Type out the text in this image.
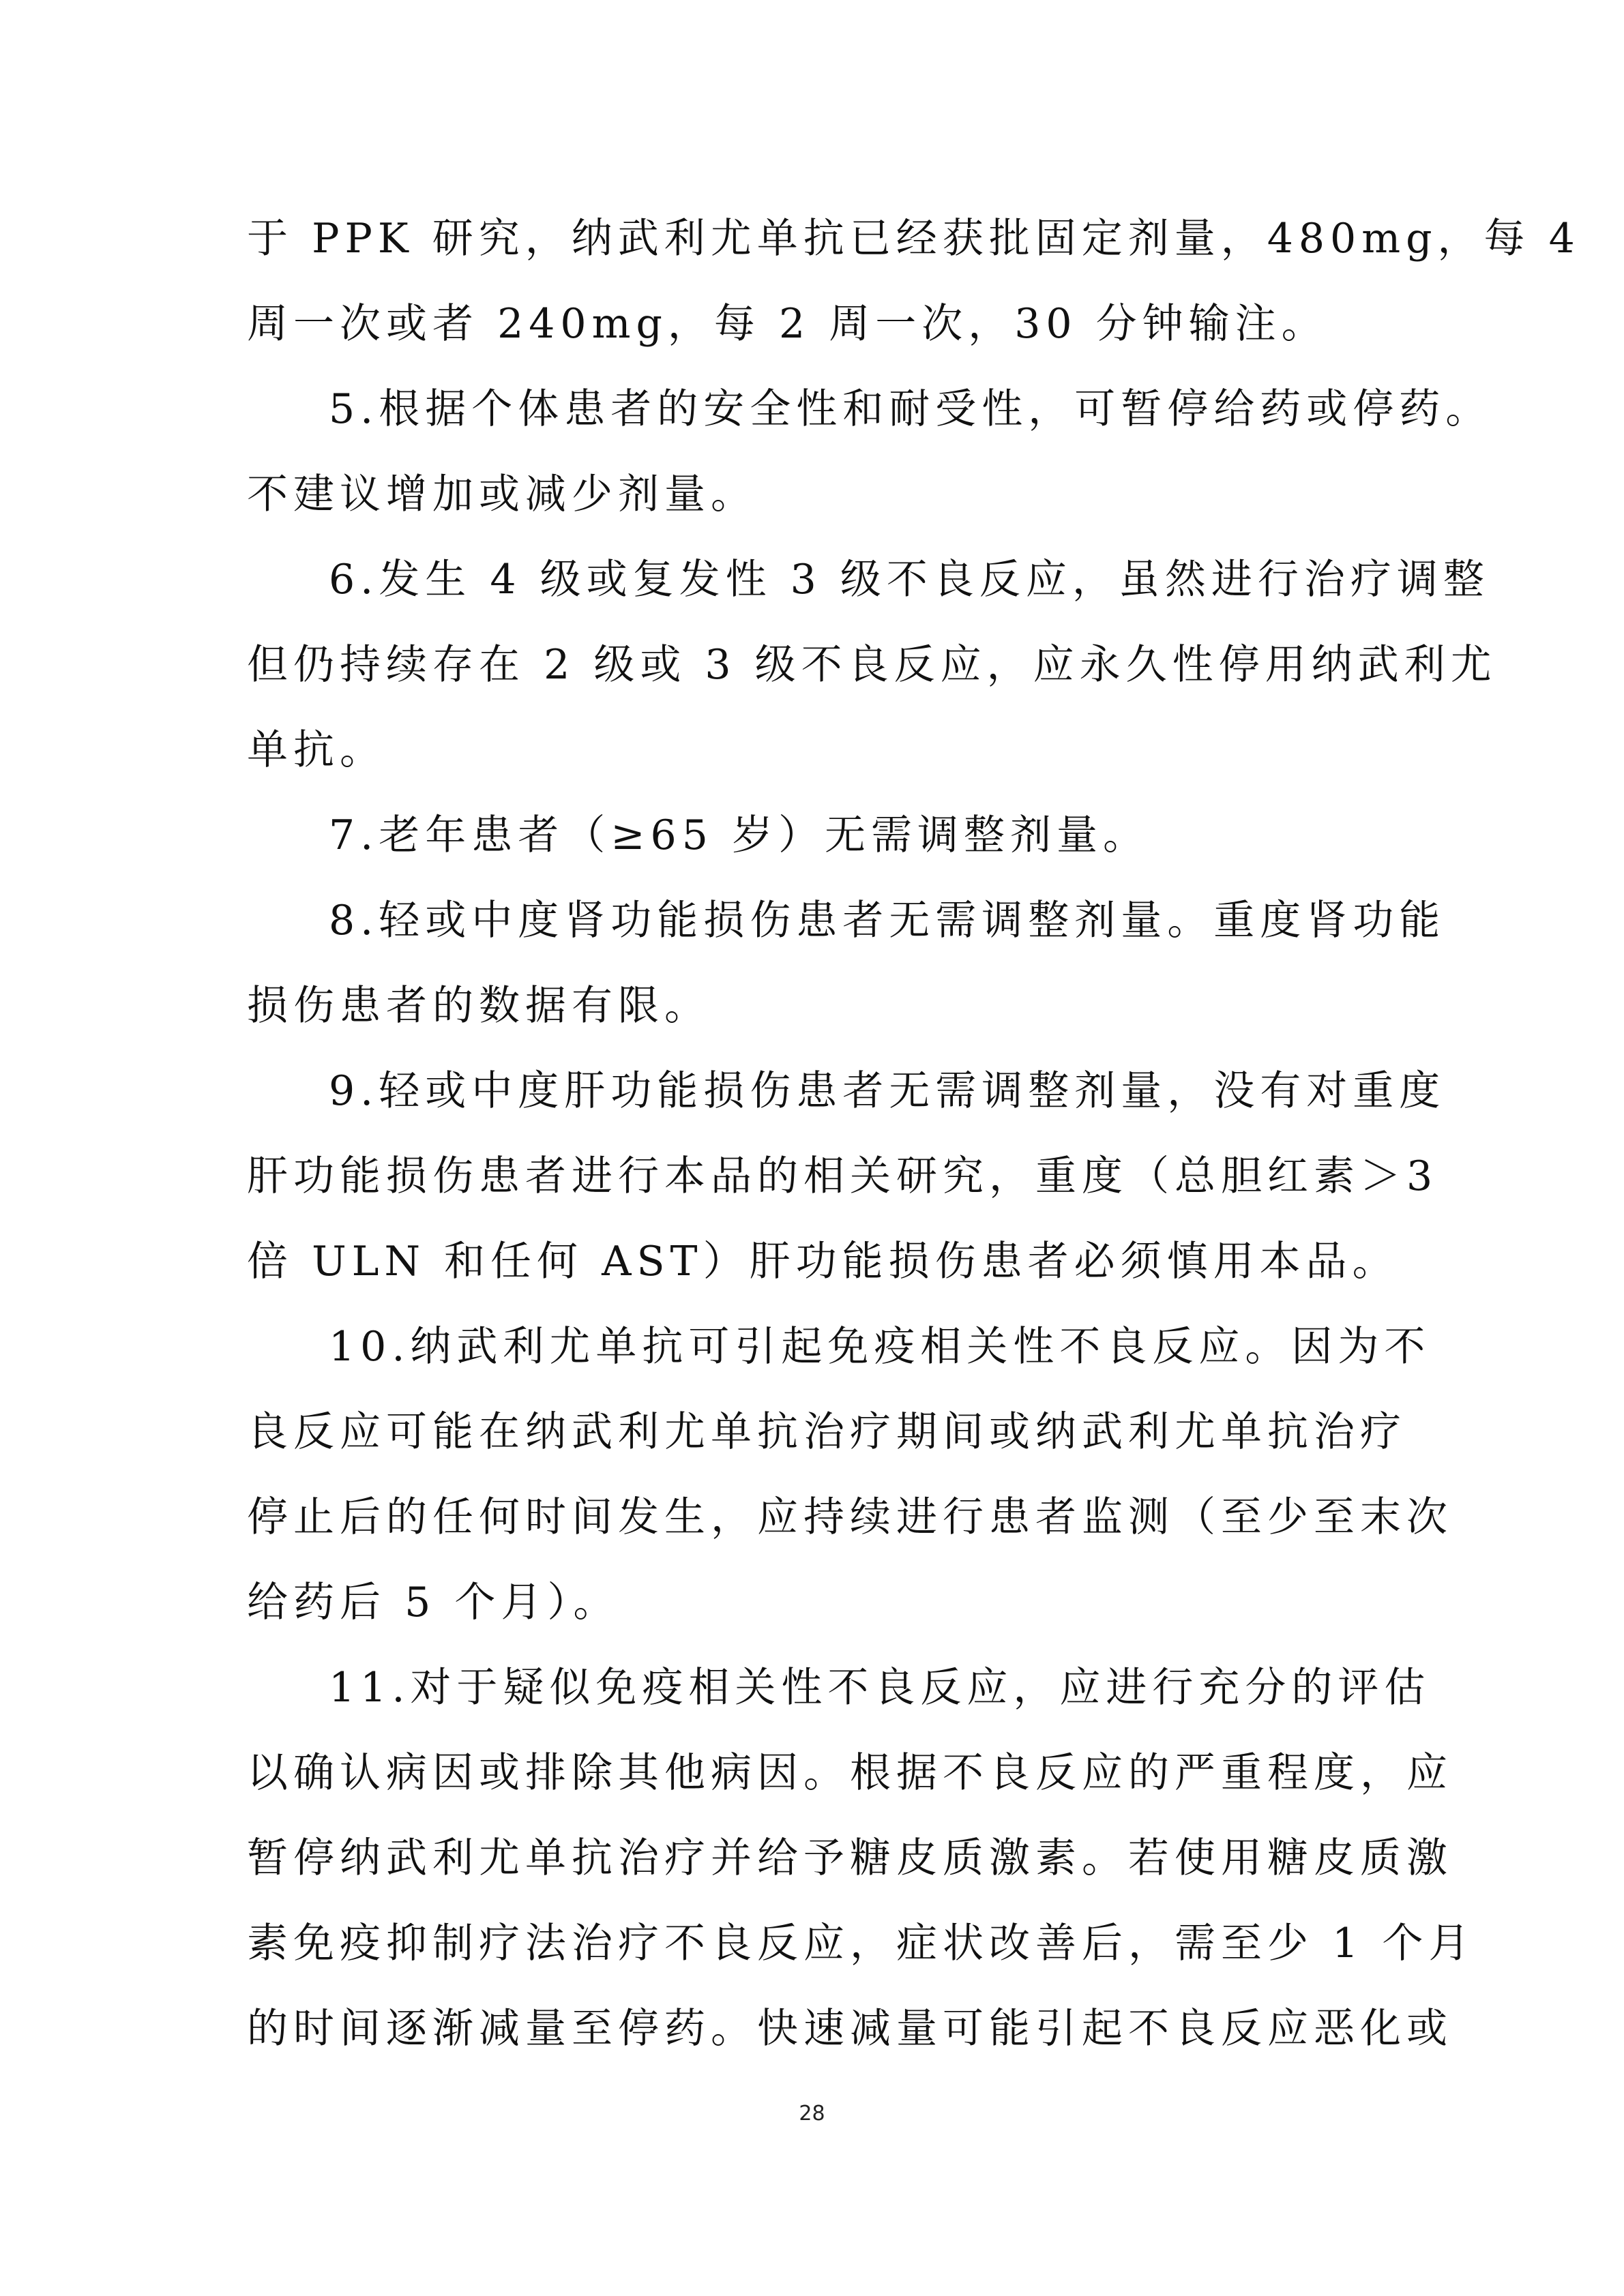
于 PPK 研究，纳武利尤单抗已经获批固定剂量，480mg，每 4
周一次或者 240mg，每 2 周一次，30 分钟输注。
5.根据个体患者的安全性和耐受性，可暂停给药或停药。
不建议增加或减少剂量。
6.发生 4 级或复发性 3 级不良反应，虽然进行治疗调整
但仍持续存在 2 级或 3 级不良反应，应永久性停用纳武利尤
单抗。
7.老年患者（≥65 岁）无需调整剂量。
8.轻或中度肾功能损伤患者无需调整剂量。重度肾功能
损伤患者的数据有限。
9.轻或中度肝功能损伤患者无需调整剂量，没有对重度
肝功能损伤患者进行本品的相关研究，重度（总胆红素＞3
倍 ULN 和任何 AST）肝功能损伤患者必须慎用本品。
10.纳武利尤单抗可引起免疫相关性不良反应。因为不
良反应可能在纳武利尤单抗治疗期间或纳武利尤单抗治疗
停止后的任何时间发生，应持续进行患者监测（至少至末次
给药后 5 个月）。
11.对于疑似免疫相关性不良反应，应进行充分的评估
以确认病因或排除其他病因。根据不良反应的严重程度，应
暂停纳武利尤单抗治疗并给予糖皮质激素。若使用糖皮质激
素免疫抑制疗法治疗不良反应，症状改善后，需至少 1 个月
的时间逐渐减量至停药。快速减量可能引起不良反应恶化或
28
